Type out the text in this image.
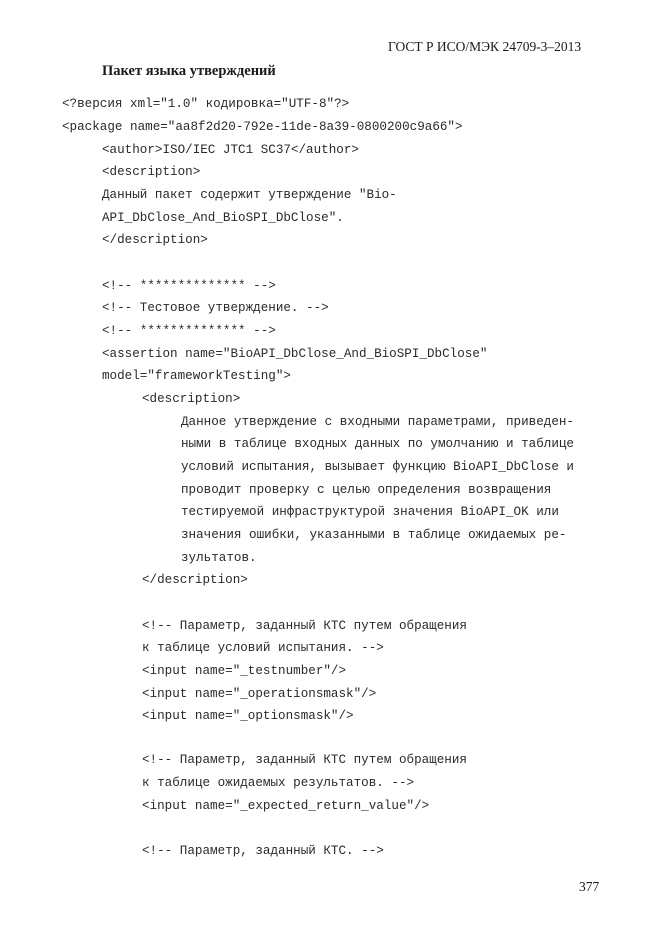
ГОСТ Р ИСО/МЭК 24709-3–2013
Пакет языка утверждений
<?версия xml="1.0" кодировка="UTF-8"?>
<package name="aa8f2d20-792e-11de-8a39-0800200c9a66">
<author>ISO/IEC JTC1 SC37</author>
<description>
Данный пакет содержит утверждение "Bio-
API_DbClose_And_BioSPI_DbClose".
</description>
<!-- ************** -->
<!-- Тестовое утверждение. -->
<!-- ************** -->
<assertion name="BioAPI_DbClose_And_BioSPI_DbClose"
model="frameworkTesting">
<description>
Данное утверждение с входными параметрами, приведен-
ными в таблице входных данных по умолчанию и таблице
условий испытания, вызывает функцию BioAPI_DbClose и
проводит проверку с целью определения возвращения
тестируемой инфраструктурой значения BioAPI_OK или
значения ошибки, указанными в таблице ожидаемых ре-
зультатов.
</description>
<!-- Параметр, заданный КТС путем обращения
к таблице условий испытания. -->
<input name="_testnumber"/>
<input name="_operationsmask"/>
<input name="_optionsmask"/>
<!-- Параметр, заданный КТС путем обращения
к таблице ожидаемых результатов. -->
<input name="_expected_return_value"/>
<!-- Параметр, заданный КТС. -->
377
